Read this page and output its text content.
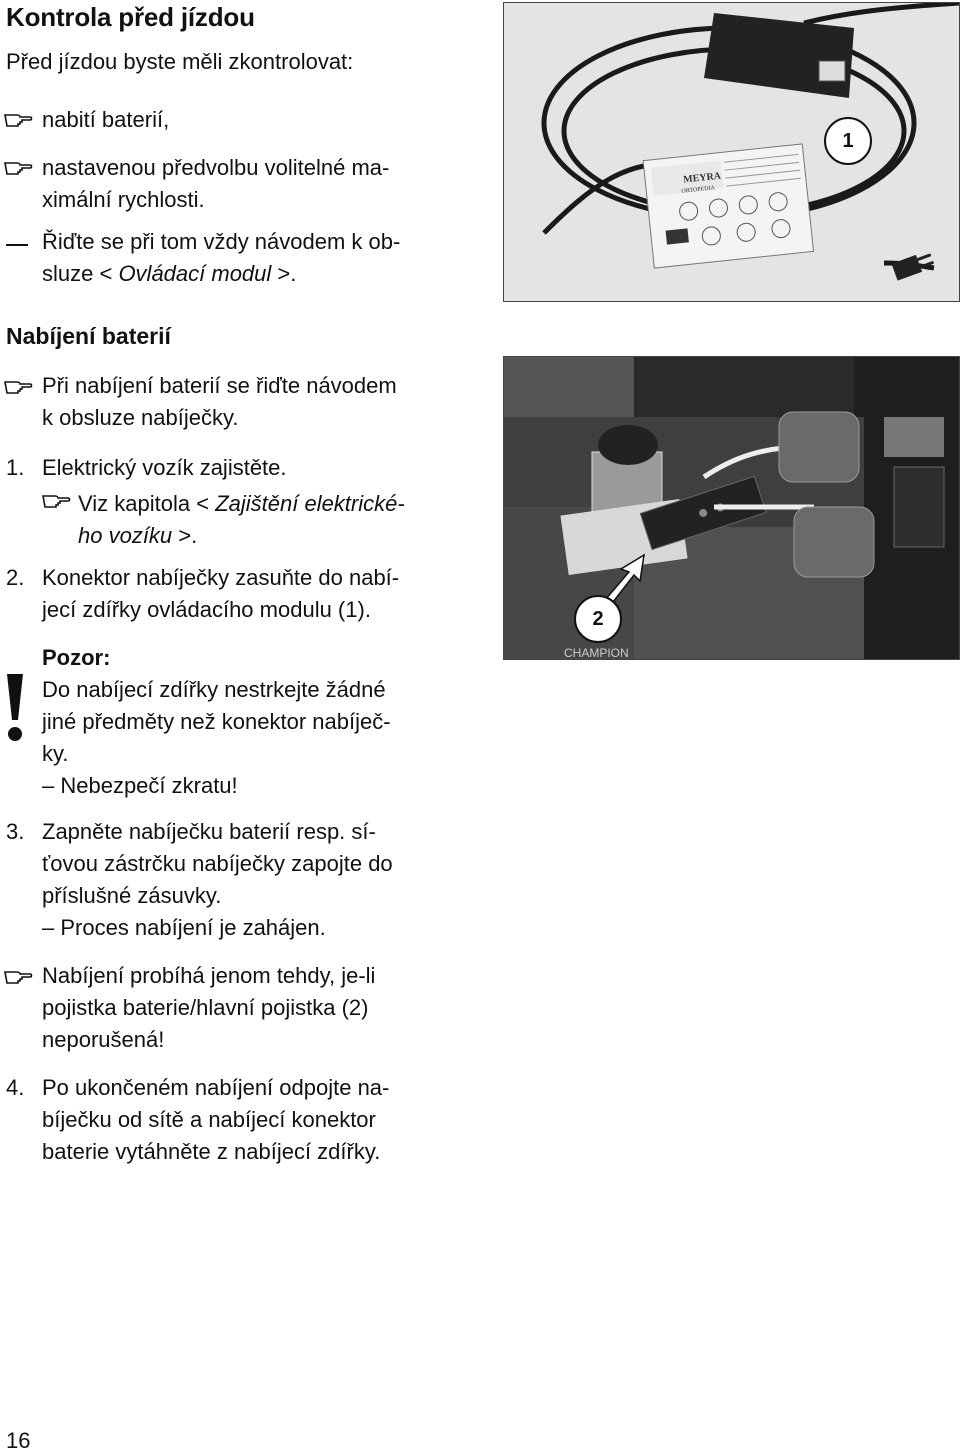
Kontrola před jízdou
Před jízdou byste měli zkontrolovat:
nabití baterií,
nastavenou předvolbu volitelné ma-
ximální rychlosti.
Řiďte se při tom vždy návodem k ob-
sluze < Ovládací modul >.
Nabíjení baterií
Při nabíjení baterií se řiďte návodem
k obsluze nabíječky.
1. Elektrický vozík zajistěte.
Viz kapitola < Zajištění elektrické-
ho vozíku >.
2. Konektor nabíječky zasuňte do nabí-
jecí zdířky ovládacího modulu (1).
Pozor:
Do nabíjecí zdířky nestrkejte žádné
jiné předměty než konektor nabíječ-
ky.
– Nebezpečí zkratu!
3. Zapněte nabíječku baterií resp. sí-
ťovou zástrčku nabíječky zapojte do
příslušné zásuvky.
– Proces nabíjení je zahájen.
Nabíjení probíhá jenom tehdy, je-li
pojistka baterie/hlavní pojistka (2)
neporušená!
4. Po ukončeném nabíjení odpojte na-
bíječku od sítě a nabíjecí konektor
baterie vytáhněte z nabíjecí zdířky.
MEYRA
ORTOPEDIA
1
CHAMPION
2
16
